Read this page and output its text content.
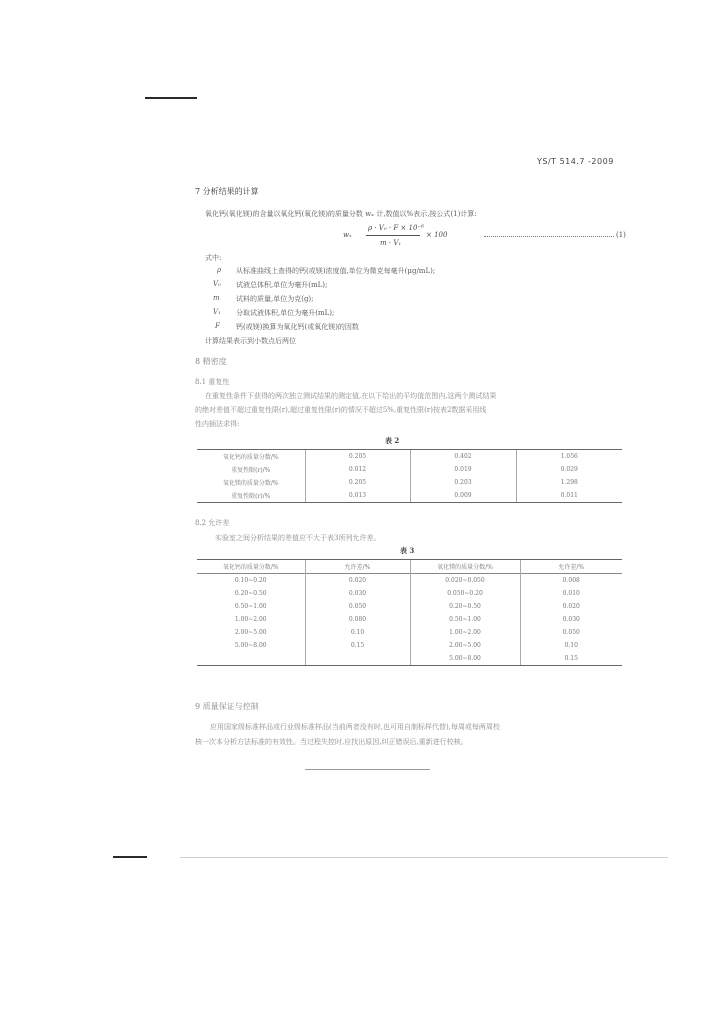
YS/T 514.7 -2009
7 分析结果的计算
氧化钙(氧化镁)的含量以氧化钙(氧化镁)的质量分数 wₓ 计,数值以%表示,按公式(1)计算:
wₓ
ρ · V₀ · F × 10⁻⁶
m · V₁
× 100	(1)
式中:
ρ 从标准曲线上查得的钙(或镁)浓度值,单位为微克每毫升(μg/mL);
V₀ 试液总体积,单位为毫升(mL);
m 试料的质量,单位为克(g);
V₁ 分取试液体积,单位为毫升(mL);
F 钙(或镁)换算为氧化钙(或氧化镁)的因数
计算结果表示到小数点后两位
8 精密度
8.1 重复性
在重复性条件下获得的两次独立测试结果的测定值,在以下给出的平均值范围内,这两个测试结果
的绝对差值不超过重复性限(r),超过重复性限(r)的情况不超过5%,重复性限(r)按表2数据采用线
性内插法求得:
表 2
氧化钙的质量分数/%	0.205	0.402	1.056
重复性限(r)/%	0.012	0.019	0.029
氧化镁的质量分数/%	0.205	0.203	1.298
重复性限(r)/%	0.013	0.009	0.011
8.2 允许差
实验室之间分析结果的差值应不大于表3所列允许差。
表 3
氧化钙的质量分数/%	允许差/%	氧化镁的质量分数/%	允许差/%
0.10~0.20	0.020	0.020~0.050	0.008
0.20~0.50	0.030	0.050~0.20	0.010
0.50~1.00	0.050	0.20~0.50	0.020
1.00~2.00	0.080	0.50~1.00	0.030
2.00~5.00	0.10	1.00~2.00	0.050
5.00~8.00	0.15	2.00~5.00	0.10
		5.00~8.00	0.15
9 质量保证与控制
应用国家级标准样品或行业级标准样品(当前两者没有时,也可用自制标样代替),每周或每两周校
核一次本分析方法标准的有效性。当过程失控时,应找出原因,纠正错误后,重新进行校核。
